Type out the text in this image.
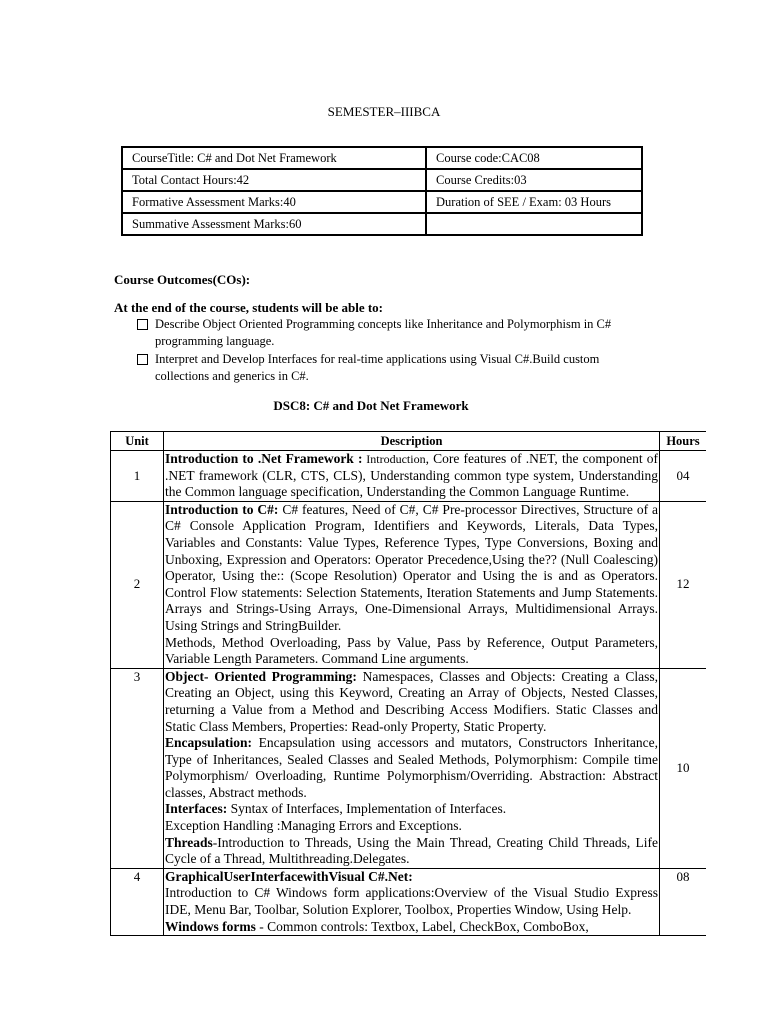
SEMESTER–IIIBCA
CourseTitle: C# and Dot Net Framework	Course code:CAC08
Total Contact Hours:42	Course Credits:03
Formative Assessment Marks:40	Duration of SEE / Exam: 03 Hours
Summative Assessment Marks:60	
Course Outcomes(COs):
At the end of the course, students will be able to:
Describe Object Oriented Programming concepts like Inheritance and Polymorphism in C# programming language.
Interpret and Develop Interfaces for real-time applications using Visual C#.Build custom collections and generics in C#.
DSC8: C# and Dot Net Framework
Unit	Description	Hours
1	Introduction to .Net Framework : Introduction, Core features of .NET, the component of .NET framework (CLR, CTS, CLS), Understanding common type system, Understanding the Common language specification, Understanding the Common Language Runtime.	04
2	Introduction to C#: C# features, Need of C#, C# Pre-processor Directives, Structure of a C# Console Application Program, Identifiers and Keywords, Literals, Data Types, Variables and Constants: Value Types, Reference Types, Type Conversions, Boxing and Unboxing, Expression and Operators: Operator Precedence,Using the?? (Null Coalescing) Operator, Using the:: (Scope Resolution) Operator and Using the is and as Operators. Control Flow statements: Selection Statements, Iteration Statements and Jump Statements. Arrays and Strings-Using Arrays, One-Dimensional Arrays, Multidimensional Arrays. Using Strings and StringBuilder.

Methods, Method Overloading, Pass by Value, Pass by Reference, Output Parameters, Variable Length Parameters. Command Line arguments.	12
3	Object- Oriented Programming: Namespaces, Classes and Objects: Creating a Class, Creating an Object, using this Keyword, Creating an Array of Objects, Nested Classes, returning a Value from a Method and Describing Access Modifiers. Static Classes and Static Class Members, Properties: Read-only Property, Static Property.

Encapsulation: Encapsulation using accessors and mutators, Constructors Inheritance, Type of Inheritances, Sealed Classes and Sealed Methods, Polymorphism: Compile time Polymorphism/ Overloading, Runtime Polymorphism/Overriding. Abstraction: Abstract classes, Abstract methods.

Interfaces: Syntax of Interfaces, Implementation of Interfaces.

Exception Handling :Managing Errors and Exceptions.

Threads-Introduction to Threads, Using the Main Thread, Creating Child Threads, Life Cycle of a Thread, Multithreading.Delegates.	10
4	GraphicalUserInterfacewithVisual C#.Net:

Introduction to C# Windows form applications:Overview of the Visual Studio Express IDE, Menu Bar, Toolbar, Solution Explorer, Toolbox, Properties Window, Using Help.

Windows forms - Common controls: Textbox, Label, CheckBox, ComboBox,	08
